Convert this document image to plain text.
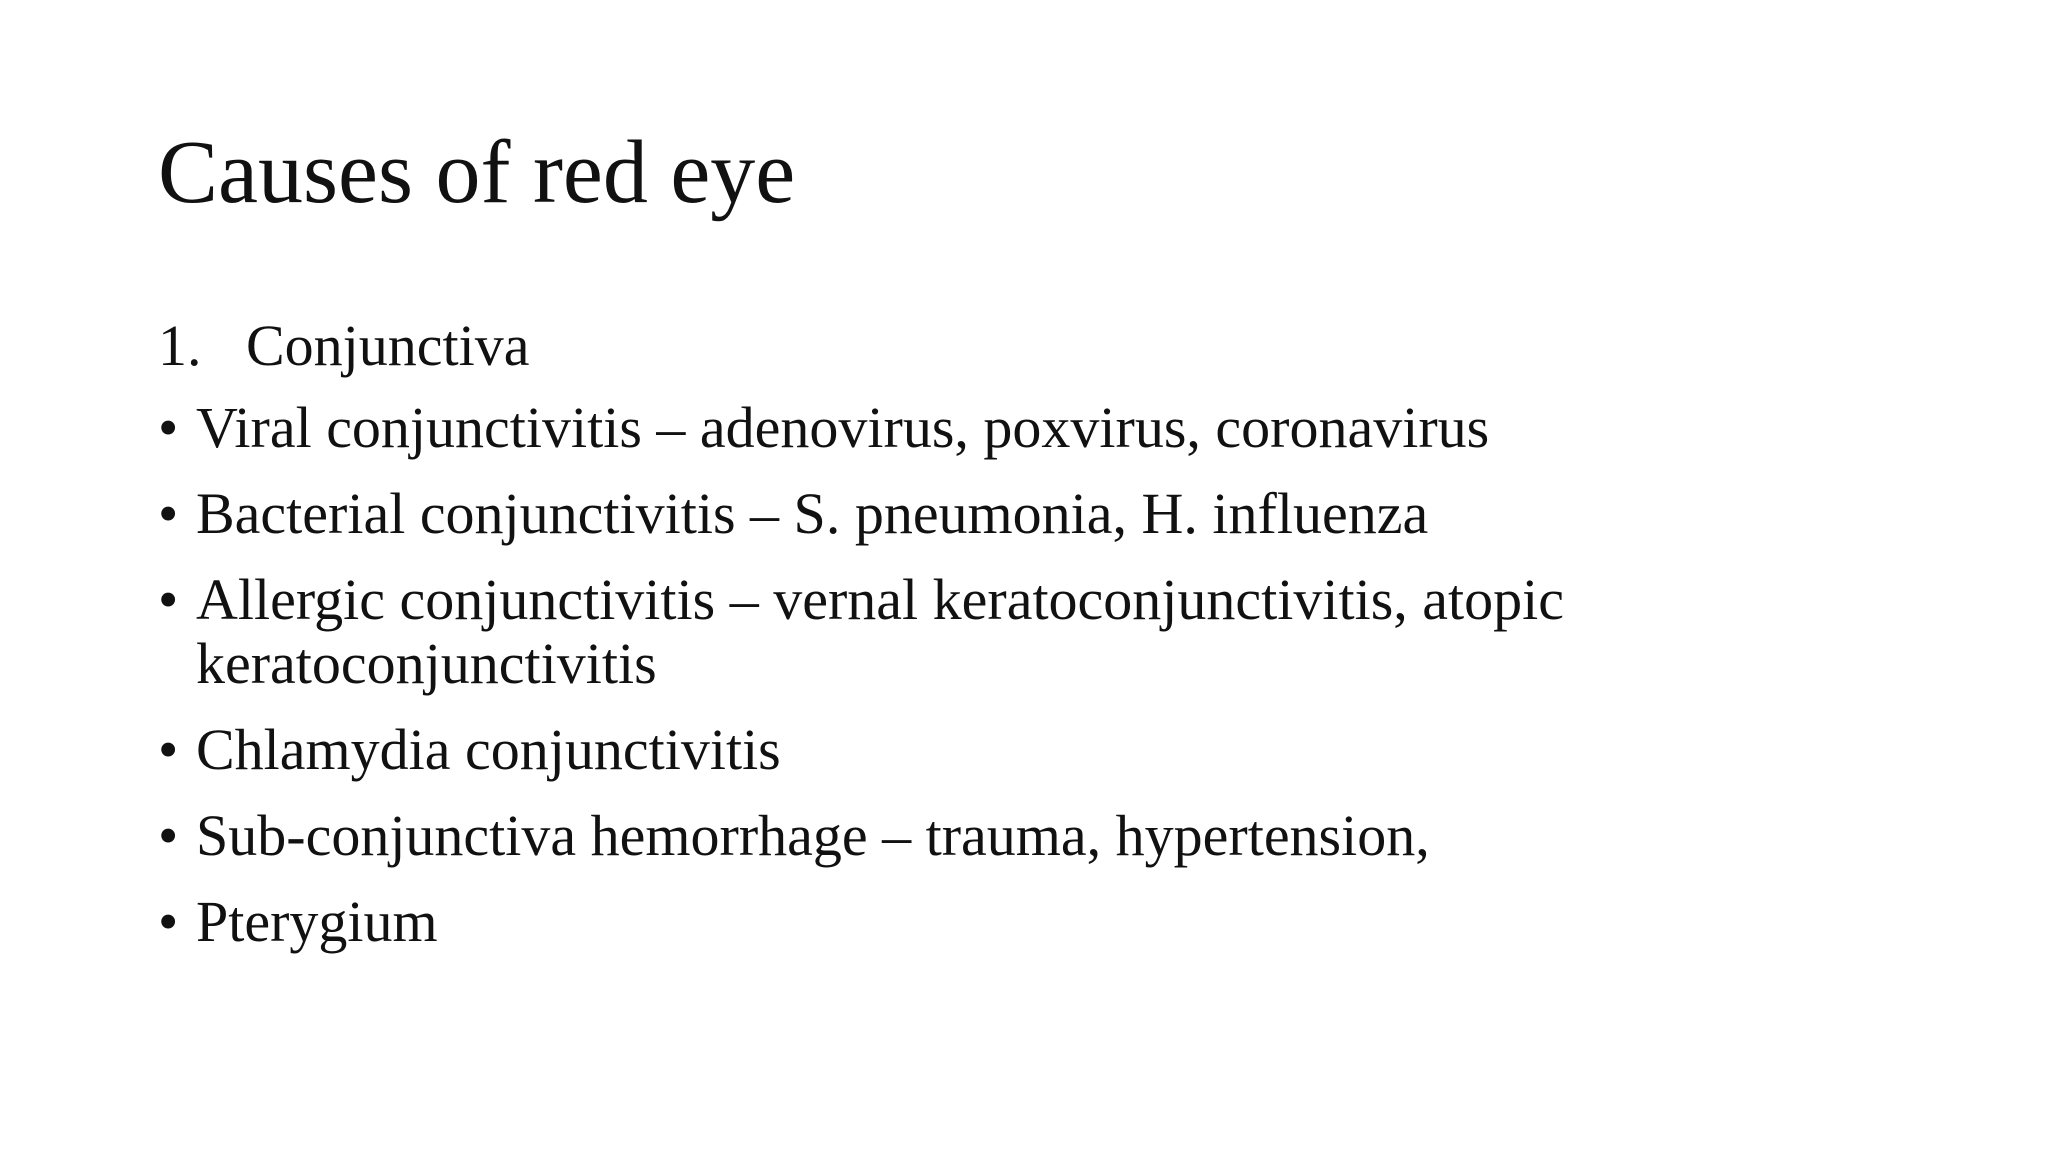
Causes of red eye
1. Conjunctiva
• Viral conjunctivitis – adenovirus, poxvirus, coronavirus
• Bacterial conjunctivitis – S. pneumonia, H. influenza
• Allergic conjunctivitis – vernal keratoconjunctivitis, atopic keratoconjunctivitis
• Chlamydia conjunctivitis
• Sub-conjunctiva hemorrhage – trauma, hypertension,
• Pterygium
